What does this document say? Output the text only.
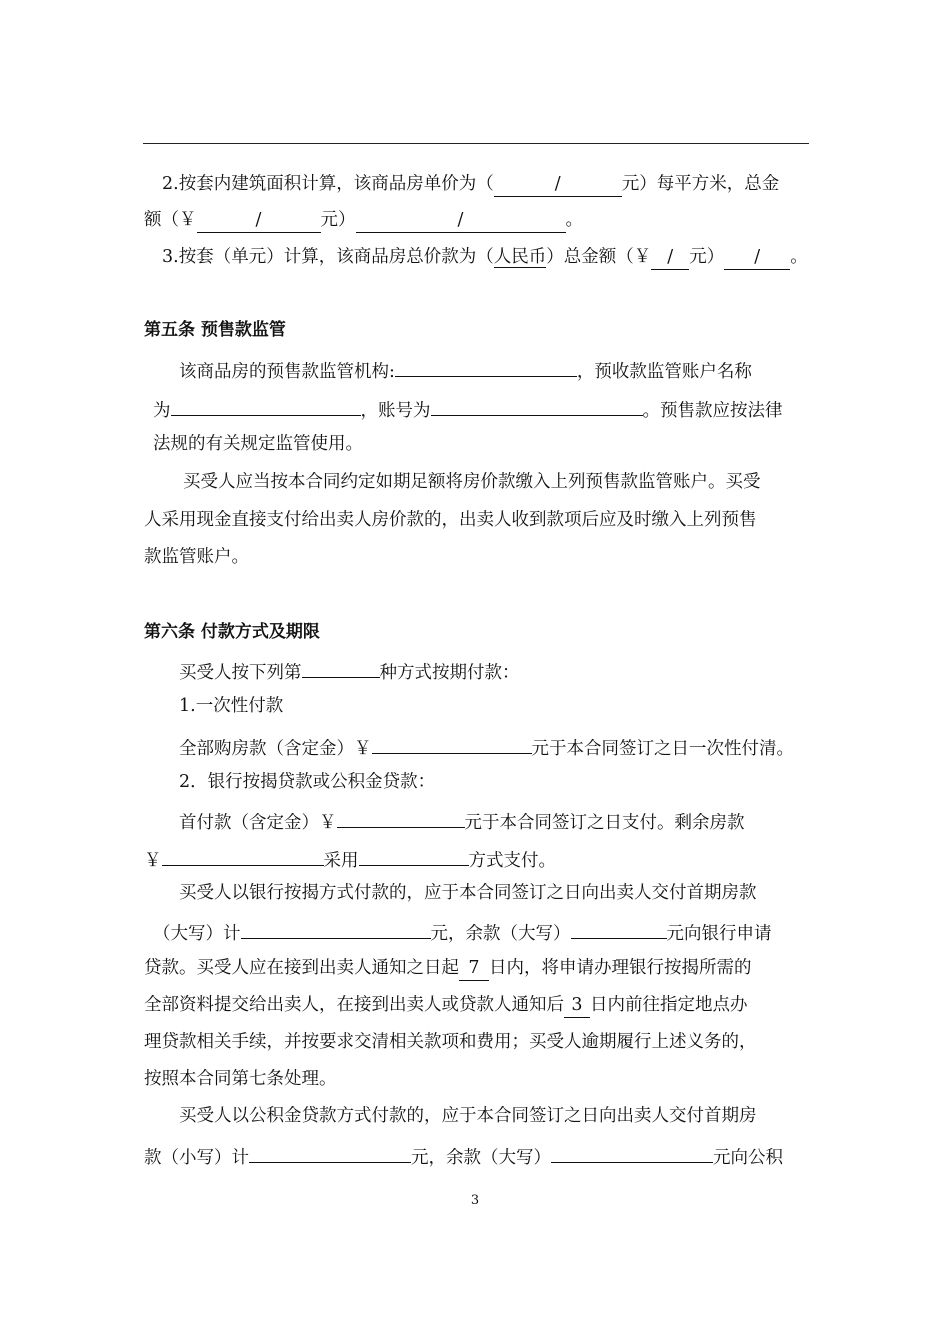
2.按套内建筑面积计算，该商品房单价为（	/	元）每平方米，总金
额（￥	/	元）	/	。
3.按套（单元）计算，该商品房总价款为（人民币）总金额（￥ / 元） / 。
第五条 预售款监管
该商品房的预售款监管机构:	，预收款监管账户名称
为	，账号为	。预售款应按法律
法规的有关规定监管使用。
买受人应当按本合同约定如期足额将房价款缴入上列预售款监管账户。买受
人采用现金直接支付给出卖人房价款的，出卖人收到款项后应及时缴入上列预售
款监管账户。
第六条 付款方式及期限
买受人按下列第	种方式按期付款：
1.一次性付款
全部购房款（含定金）￥	元于本合同签订之日一次性付清。
2．银行按揭贷款或公积金贷款：
首付款（含定金）￥	元于本合同签订之日支付。剩余房款
￥	采用	方式支付。
买受人以银行按揭方式付款的，应于本合同签订之日向出卖人交付首期房款
（大写）计	元，余款（大写）	元向银行申请
贷款。买受人应在接到出卖人通知之日起 7 日内，将申请办理银行按揭所需的
全部资料提交给出卖人，在接到出卖人或贷款人通知后 3 日内前往指定地点办
理贷款相关手续，并按要求交清相关款项和费用；买受人逾期履行上述义务的，
按照本合同第七条处理。
买受人以公积金贷款方式付款的，应于本合同签订之日向出卖人交付首期房
款（小写）计	元，余款（大写）	元向公积
3
